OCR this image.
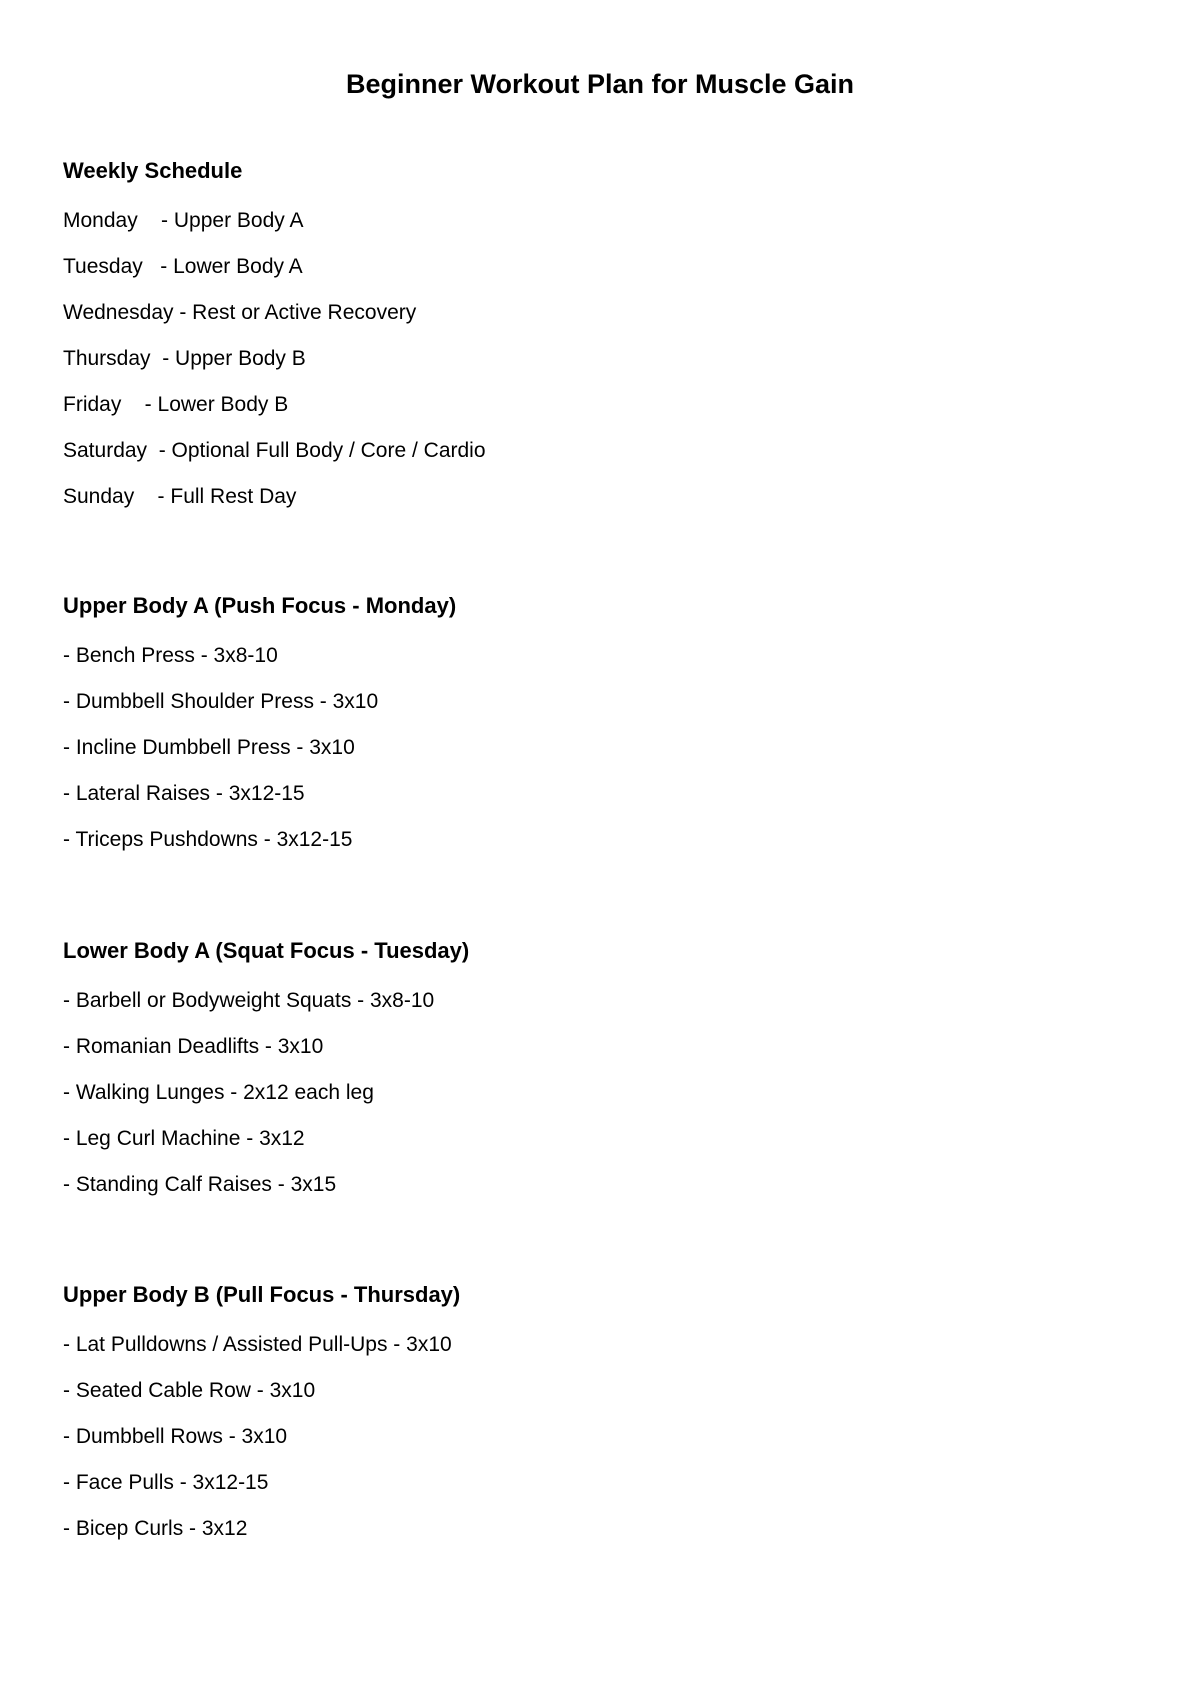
Beginner Workout Plan for Muscle Gain
Weekly Schedule
Monday    - Upper Body A
Tuesday   - Lower Body A
Wednesday - Rest or Active Recovery
Thursday  - Upper Body B
Friday    - Lower Body B
Saturday  - Optional Full Body / Core / Cardio
Sunday    - Full Rest Day
Upper Body A (Push Focus - Monday)
- Bench Press - 3x8-10
- Dumbbell Shoulder Press - 3x10
- Incline Dumbbell Press - 3x10
- Lateral Raises - 3x12-15
- Triceps Pushdowns - 3x12-15
Lower Body A (Squat Focus - Tuesday)
- Barbell or Bodyweight Squats - 3x8-10
- Romanian Deadlifts - 3x10
- Walking Lunges - 2x12 each leg
- Leg Curl Machine - 3x12
- Standing Calf Raises - 3x15
Upper Body B (Pull Focus - Thursday)
- Lat Pulldowns / Assisted Pull-Ups - 3x10
- Seated Cable Row - 3x10
- Dumbbell Rows - 3x10
- Face Pulls - 3x12-15
- Bicep Curls - 3x12
